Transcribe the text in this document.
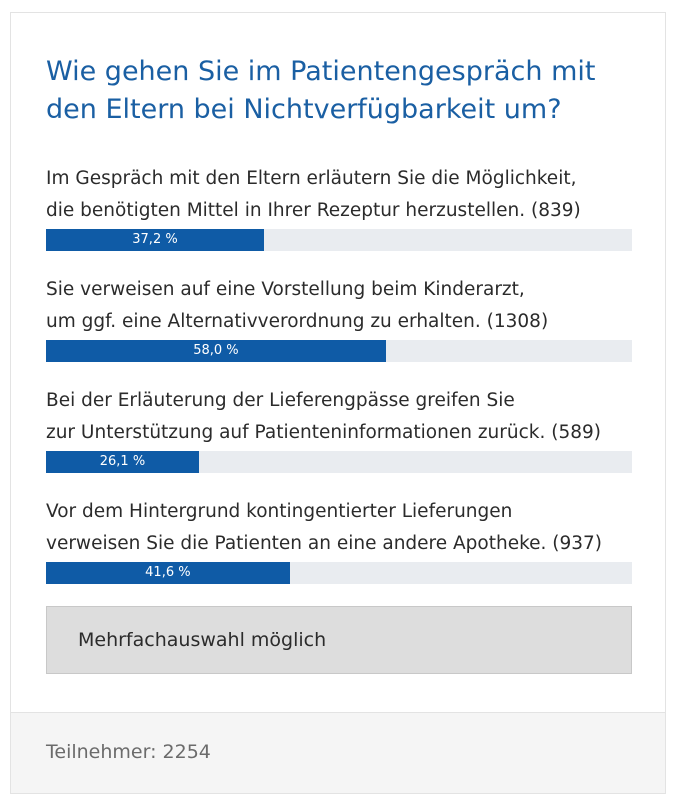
Wie gehen Sie im Patientengespräch mit den Eltern bei Nichtverfügbarkeit um?

Im Gespräch mit den Eltern erläutern Sie die Möglichkeit,

die benötigten Mittel in Ihrer Rezeptur herzustellen. (839)

37,2 %

Sie verweisen auf eine Vorstellung beim Kinderarzt,

um ggf. eine Alternativverordnung zu erhalten. (1308)

58,0 %

Bei der Erläuterung der Lieferengpässe greifen Sie

zur Unterstützung auf Patienteninformationen zurück. (589)

26,1 %

Vor dem Hintergrund kontingentierter Lieferungen

verweisen Sie die Patienten an eine andere Apotheke. (937)

41,6 %
Mehrfachauswahl möglich
Teilnehmer: 2254
